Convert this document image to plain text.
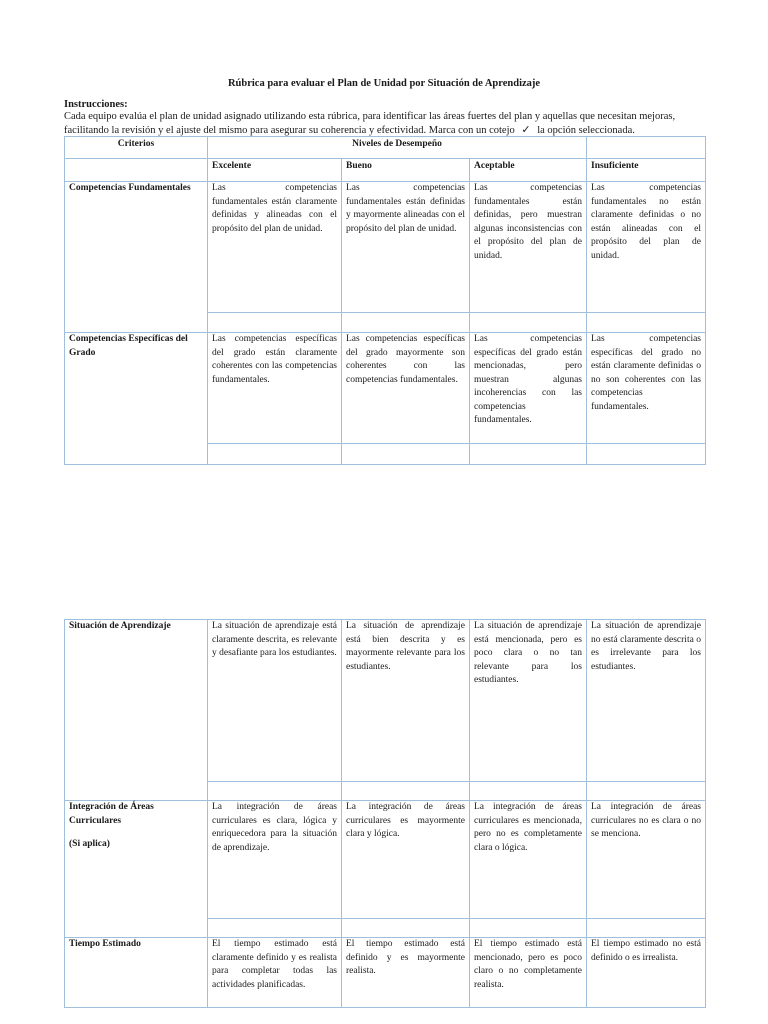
Rúbrica para evaluar el Plan de Unidad por Situación de Aprendizaje
Instrucciones:
Cada equipo evalúa el plan de unidad asignado utilizando esta rúbrica, para identificar las áreas fuertes del plan y aquellas que necesitan mejoras, facilitando la revisión y el ajuste del mismo para asegurar su coherencia y efectividad. Marca con un cotejo ✓ la opción seleccionada.
Criterios	Niveles de Desempeño			
	Excelente	Bueno	Aceptable	Insuficiente
Competencias Fundamentales	Las competencias fundamentales están claramente definidas y alineadas con el propósito del plan de unidad.	Las competencias fundamentales están definidas y mayormente alineadas con el propósito del plan de unidad.	Las competencias fundamentales están definidas, pero muestran algunas inconsistencias con el propósito del plan de unidad.	Las competencias fundamentales no están claramente definidas o no están alineadas con el propósito del plan de unidad.

Competencias Específicas del Grado	Las competencias específicas del grado están claramente coherentes con las competencias fundamentales.	Las competencias específicas del grado mayormente son coherentes con las competencias fundamentales.	Las competencias específicas del grado están mencionadas, pero muestran algunas incoherencias con las competencias fundamentales.	Las competencias específicas del grado no están claramente definidas o no son coherentes con las competencias fundamentales.

Situación de Aprendizaje	La situación de aprendizaje está claramente descrita, es relevante y desafiante para los estudiantes.	La situación de aprendizaje está bien descrita y es mayormente relevante para los estudiantes.	La situación de aprendizaje está mencionada, pero es poco clara o no tan relevante para los estudiantes.	La situación de aprendizaje no está claramente descrita o es irrelevante para los estudiantes.

Integración de Áreas Curriculares
(Si aplica)	La integración de áreas curriculares es clara, lógica y enriquecedora para la situación de aprendizaje.	La integración de áreas curriculares es mayormente clara y lógica.	La integración de áreas curriculares es mencionada, pero no es completamente clara o lógica.	La integración de áreas curriculares no es clara o no se menciona.

Tiempo Estimado	El tiempo estimado está claramente definido y es realista para completar todas las actividades planificadas.	El tiempo estimado está definido y es mayormente realista.	El tiempo estimado está mencionado, pero es poco claro o no completamente realista.	El tiempo estimado no está definido o es irrealista.
